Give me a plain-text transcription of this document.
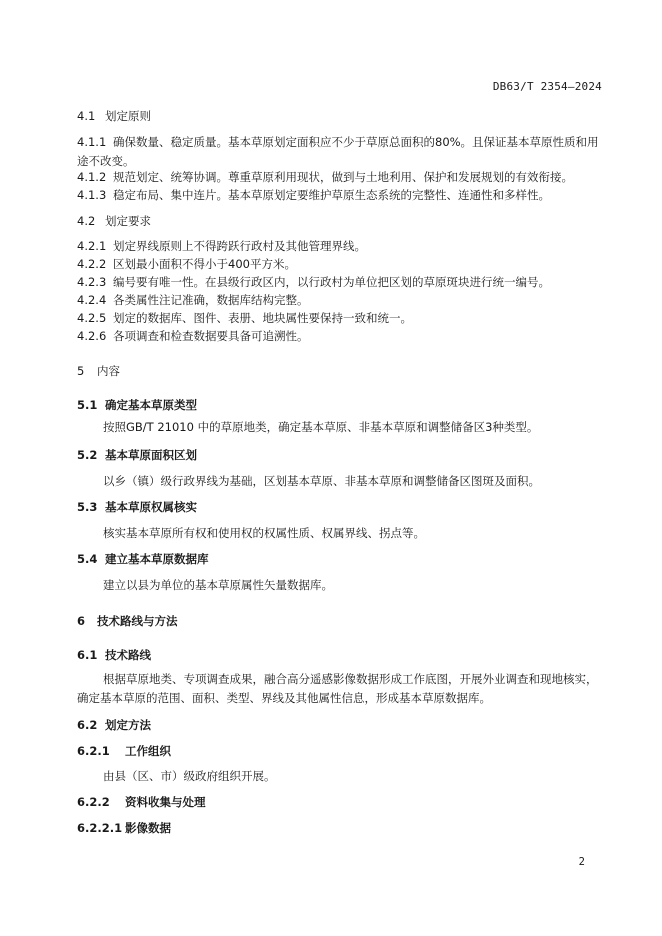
DB63/T 2354—2024
4.1 划定原则
4.1.1 确保数量、稳定质量。基本草原划定面积应不少于草原总面积的80%。且保证基本草原性质和用途不改变。
4.1.2 规范划定、统筹协调。尊重草原利用现状，做到与土地利用、保护和发展规划的有效衔接。
4.1.3 稳定布局、集中连片。基本草原划定要维护草原生态系统的完整性、连通性和多样性。
4.2 划定要求
4.2.1 划定界线原则上不得跨跃行政村及其他管理界线。
4.2.2 区划最小面积不得小于400平方米。
4.2.3 编号要有唯一性。在县级行政区内，以行政村为单位把区划的草原斑块进行统一编号。
4.2.4 各类属性注记准确，数据库结构完整。
4.2.5 划定的数据库、图件、表册、地块属性要保持一致和统一。
4.2.6 各项调查和检查数据要具备可追溯性。
5 内容
5.1 确定基本草原类型
按照GB/T 21010 中的草原地类，确定基本草原、非基本草原和调整储备区3种类型。
5.2 基本草原面积区划
以乡（镇）级行政界线为基础，区划基本草原、非基本草原和调整储备区图斑及面积。
5.3 基本草原权属核实
核实基本草原所有权和使用权的权属性质、权属界线、拐点等。
5.4 建立基本草原数据库
建立以县为单位的基本草原属性矢量数据库。
6 技术路线与方法
6.1 技术路线
根据草原地类、专项调查成果，融合高分遥感影像数据形成工作底图，开展外业调查和现地核实，确定基本草原的范围、面积、类型、界线及其他属性信息，形成基本草原数据库。
6.2 划定方法
6.2.1 工作组织
由县（区、市）级政府组织开展。
6.2.2 资料收集与处理
6.2.2.1 影像数据
2
